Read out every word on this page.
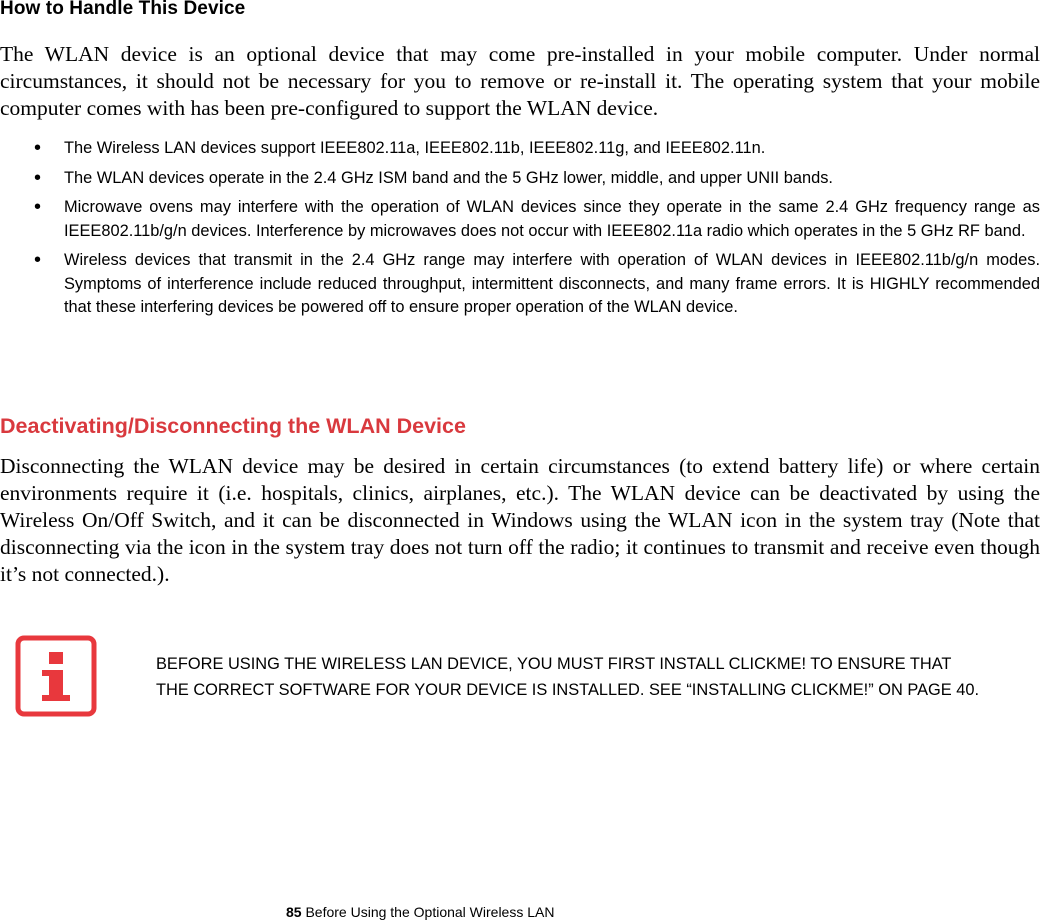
How to Handle This Device
The WLAN device is an optional device that may come pre-installed in your mobile computer. Under normal circumstances, it should not be necessary for you to remove or re-install it. The operating system that your mobile computer comes with has been pre-configured to support the WLAN device.
• The Wireless LAN devices support IEEE802.11a, IEEE802.11b, IEEE802.11g, and IEEE802.11n.
• The WLAN devices operate in the 2.4 GHz ISM band and the 5 GHz lower, middle, and upper UNII bands.
• Microwave ovens may interfere with the operation of WLAN devices since they operate in the same 2.4 GHz frequency range as IEEE802.11b/g/n devices. Interference by microwaves does not occur with IEEE802.11a radio which operates in the 5 GHz RF band.
• Wireless devices that transmit in the 2.4 GHz range may interfere with operation of WLAN devices in IEEE802.11b/g/n modes. Symptoms of interference include reduced throughput, intermittent disconnects, and many frame errors. It is HIGHLY recommended that these interfering devices be powered off to ensure proper operation of the WLAN device.
Deactivating/Disconnecting the WLAN Device
Disconnecting the WLAN device may be desired in certain circumstances (to extend battery life) or where certain environments require it (i.e. hospitals, clinics, airplanes, etc.). The WLAN device can be deactivated by using the Wireless On/Off Switch, and it can be disconnected in Windows using the WLAN icon in the system tray (Note that disconnecting via the icon in the system tray does not turn off the radio; it continues to transmit and receive even though it’s not connected.).
BEFORE USING THE WIRELESS LAN DEVICE, YOU MUST FIRST INSTALL CLICKME! TO ENSURE THAT
THE CORRECT SOFTWARE FOR YOUR DEVICE IS INSTALLED. SEE “INSTALLING CLICKME!” ON PAGE 40.
85 Before Using the Optional Wireless LAN
